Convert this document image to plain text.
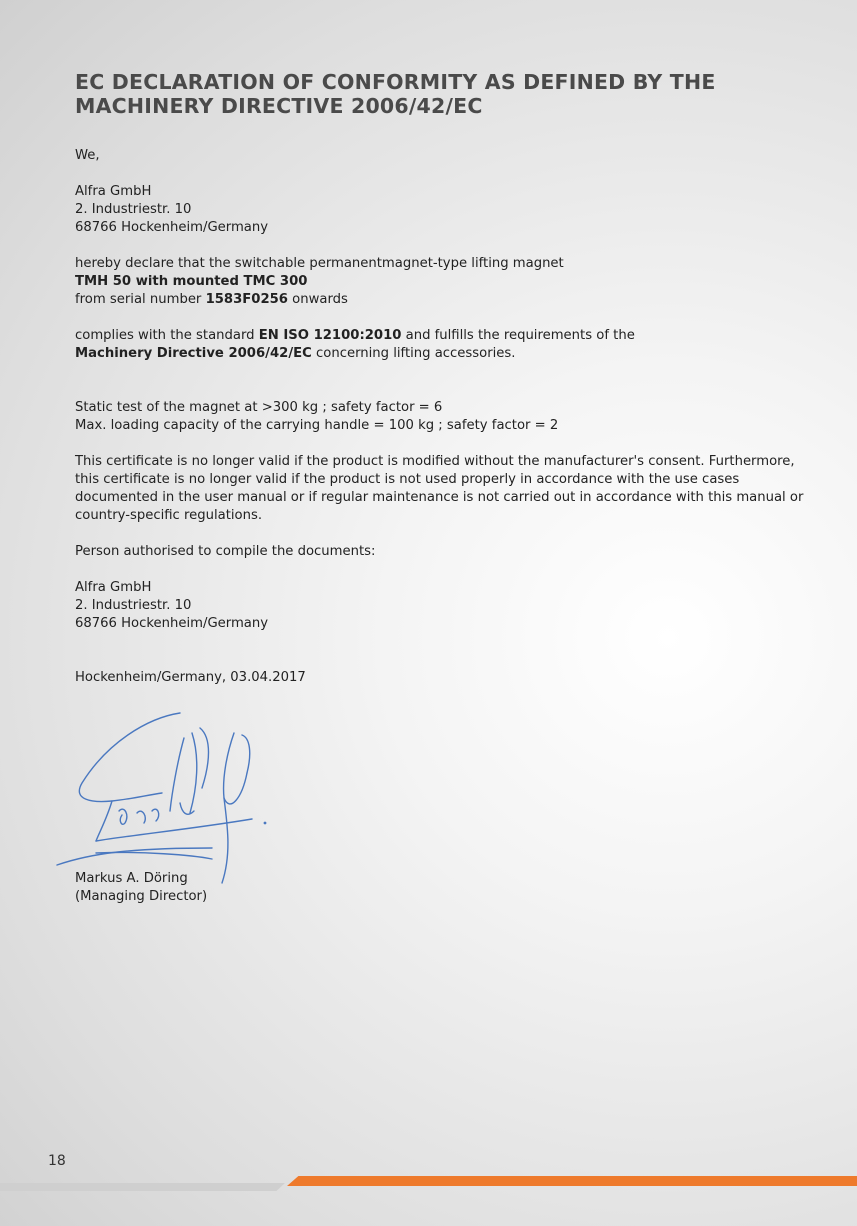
EC DECLARATION OF CONFORMITY AS DEFINED BY THE MACHINERY DIRECTIVE 2006/42/EC
We,
Alfra GmbH
2. Industriestr. 10
68766 Hockenheim/Germany
hereby declare that the switchable permanentmagnet-type lifting magnet
TMH 50 with mounted TMC 300
from serial number 1583F0256 onwards
complies with the standard EN ISO 12100:2010 and fulfills the requirements of the
Machinery Directive 2006/42/EC concerning lifting accessories.
Static test of the magnet at >300 kg ; safety factor = 6
Max. loading capacity of the carrying handle = 100 kg ; safety factor = 2
This certificate is no longer valid if the product is modified without the manufacturer's consent. Furthermore, this certificate is no longer valid if the product is not used properly in accordance with the use cases documented in the user manual or if regular maintenance is not carried out in accordance with this manual or country-specific regulations.
Person authorised to compile the documents:
Alfra GmbH
2. Industriestr. 10
68766 Hockenheim/Germany
Hockenheim/Germany, 03.04.2017
Markus A. Döring
(Managing Director)
18
